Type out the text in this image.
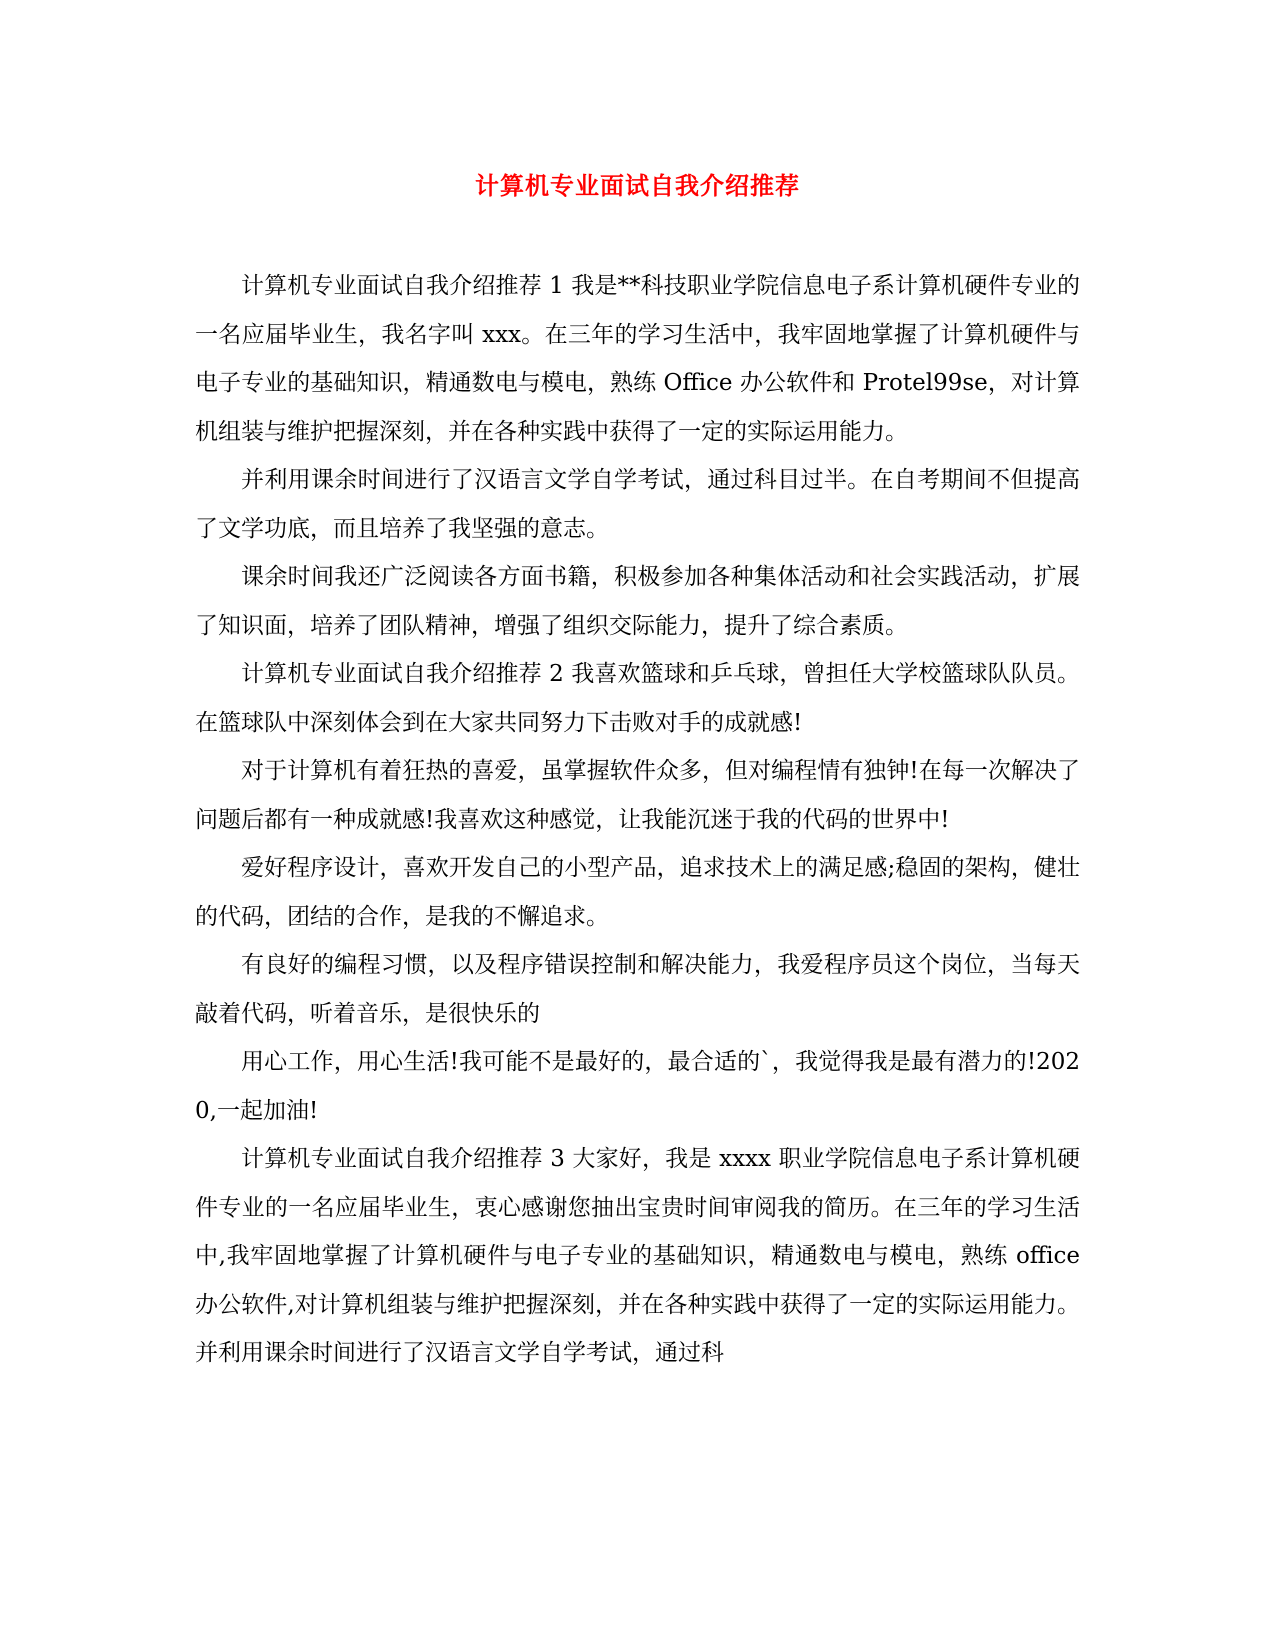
计算机专业面试自我介绍推荐

计算机专业面试自我介绍推荐 1 我是**科技职业学院信息电子系计算机硬件专业的一名应届毕业生，我名字叫 xxx。在三年的学习生活中，我牢固地掌握了计算机硬件与电子专业的基础知识，精通数电与模电，熟练 Office 办公软件和 Protel99se，对计算机组装与维护把握深刻，并在各种实践中获得了一定的实际运用能力。

并利用课余时间进行了汉语言文学自学考试，通过科目过半。在自考期间不但提高了文学功底，而且培养了我坚强的意志。

课余时间我还广泛阅读各方面书籍，积极参加各种集体活动和社会实践活动，扩展了知识面，培养了团队精神，增强了组织交际能力，提升了综合素质。

计算机专业面试自我介绍推荐 2 我喜欢篮球和乒乓球，曾担任大学校篮球队队员。在篮球队中深刻体会到在大家共同努力下击败对手的成就感!

对于计算机有着狂热的喜爱，虽掌握软件众多，但对编程情有独钟!在每一次解决了问题后都有一种成就感!我喜欢这种感觉，让我能沉迷于我的代码的世界中!

爱好程序设计，喜欢开发自己的小型产品，追求技术上的满足感;稳固的架构，健壮的代码，团结的合作，是我的不懈追求。

有良好的编程习惯，以及程序错误控制和解决能力，我爱程序员这个岗位，当每天敲着代码，听着音乐，是很快乐的

用心工作，用心生活!我可能不是最好的，最合适的`，我觉得我是最有潜力的!2020,一起加油!

计算机专业面试自我介绍推荐 3 大家好，我是 xxxx 职业学院信息电子系计算机硬件专业的一名应届毕业生，衷心感谢您抽出宝贵时间审阅我的简历。在三年的学习生活中,我牢固地掌握了计算机硬件与电子专业的基础知识，精通数电与模电，熟练 office 办公软件,对计算机组装与维护把握深刻，并在各种实践中获得了一定的实际运用能力。并利用课余时间进行了汉语言文学自学考试，通过科
